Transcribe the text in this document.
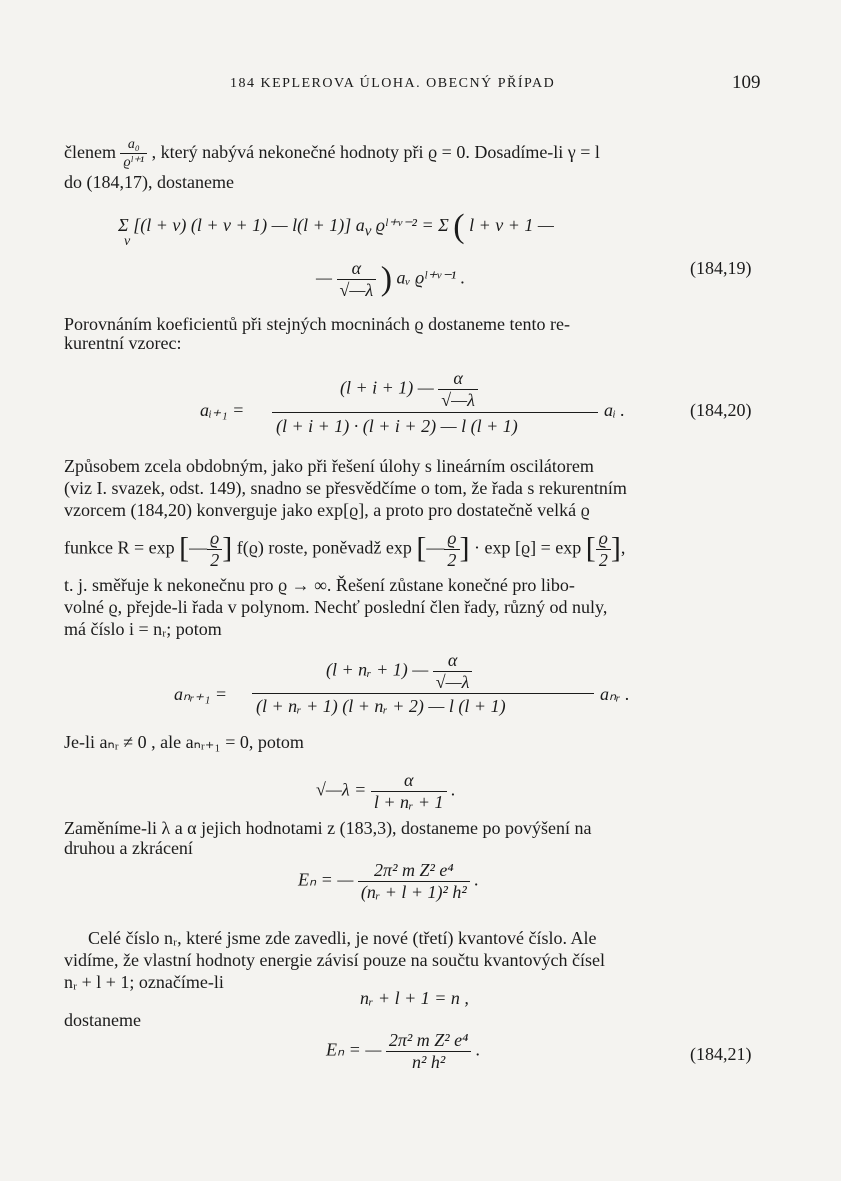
184 KEPLEROVA ÚLOHA. OBECNÝ PŘÍPAD	109
členem $\frac{\text{a₀}}{\text{ϱˡ⁺¹}}$ , který nabývá nekonečné hodnoty při ϱ = 0. Dosadíme-li γ = l
do (184,17), dostaneme
Σ [(l + ν) (l + ν + 1) — l(l + 1)] $a_\nu$ ϱˡ⁺ᵛ⁻² = Σ ( l + ν + 1 —
ν
— $\frac{\alpha}{√—\lambda}$ ) aᵥ ϱˡ⁺ᵛ⁻¹ .	(184,19)
Porovnáním koeficientů při stejných mocninách ϱ dostaneme tento re-
kurentní vzorec:
(l + i + 1) — $\frac{\alpha}{√—\lambda}$
aᵢ₊₁ =
(l + i + 1) · (l + i + 2) — l (l + 1)
aᵢ .	(184,20)
Způsobem zcela obdobným, jako při řešení úlohy s lineárním oscilátorem
(viz I. svazek, odst. 149), snadno se přesvědčíme o tom, že řada s rekurentním
vzorcem (184,20) konverguje jako exp[ϱ], a proto pro dostatečně velká ϱ
funkce R = exp [— $\frac{ϱ}{2}$ ] f(ϱ) roste, poněvadž exp [— $\frac{ϱ}{2}$ ] · exp [ϱ] = exp [ $\frac{ϱ}{2}$ ],
t. j. směřuje k nekonečnu pro ϱ → ∞. Řešení zůstane konečné pro libo-
volné ϱ, přejde-li řada v polynom. Nechť poslední člen řady, různý od nuly,
má číslo i = nᵣ; potom
(l + nᵣ + 1) — $\frac{\alpha}{√—\lambda}$
aₙᵣ₊₁ =
(l + nᵣ + 1) (l + nᵣ + 2) — l (l + 1)
aₙᵣ .
Je-li aₙᵣ ≠ 0 , ale aₙᵣ₊₁ = 0, potom
√—λ = $\frac{\alpha}{\text{l + nᵣ + 1}}$ .
Zaměníme-li λ a α jejich hodnotami z (183,3), dostaneme po povýšení na
druhou a zkrácení
Eₙ = — $\frac{\text{2π² m Z² e⁴}}{\text{(nᵣ + l + 1)² h²}}$ .
Celé číslo nᵣ, které jsme zde zavedli, je nové (třetí) kvantové číslo. Ale
vidíme, že vlastní hodnoty energie závisí pouze na součtu kvantových čísel
nᵣ + l + 1; označíme-li
nᵣ + l + 1 = n ,
dostaneme
Eₙ = — $\frac{\text{2π² m Z² e⁴}}{\text{n² h²}}$ .	(184,21)
